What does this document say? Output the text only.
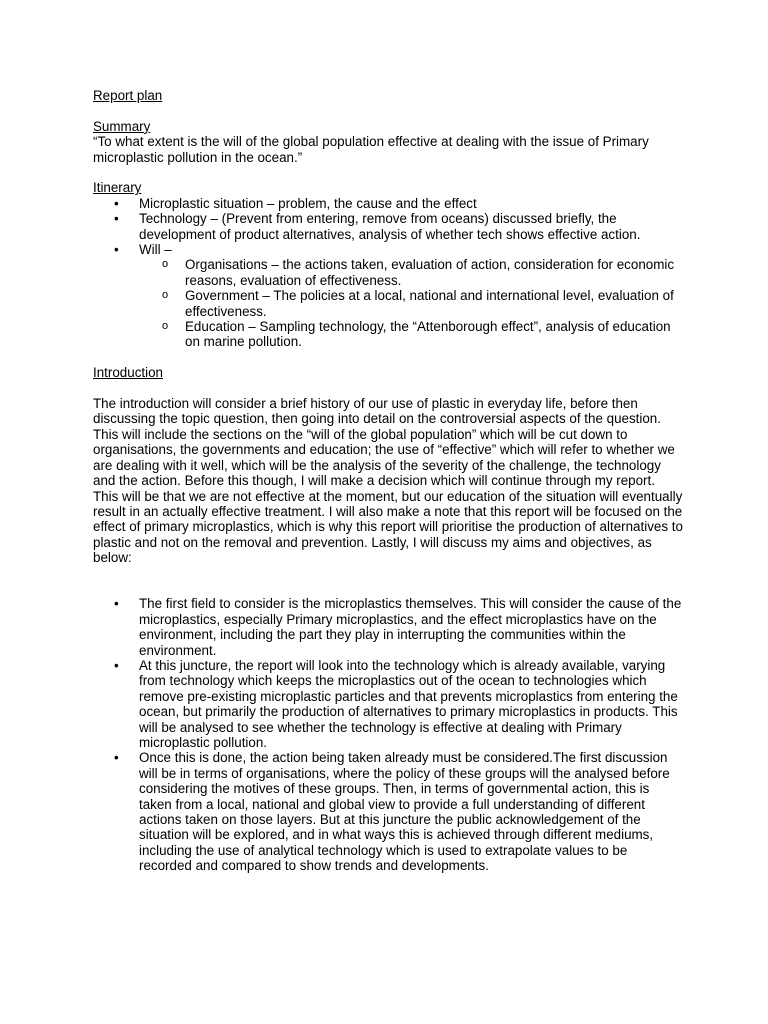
Report plan
Summary

“To what extent is the will of the global population effective at dealing with the issue of Primary microplastic pollution in the ocean.”

Itinerary
• Microplastic situation – problem, the cause and the effect
• Technology – (Prevent from entering, remove from oceans) discussed briefly, the development of product alternatives, analysis of whether tech shows effective action.
• Will –
o Organisations – the actions taken, evaluation of action, consideration for economic reasons, evaluation of effectiveness.
o Government – The policies at a local, national and international level, evaluation of effectiveness.
o Education – Sampling technology, the “Attenborough effect”, analysis of education on marine pollution.
Introduction

The introduction will consider a brief history of our use of plastic in everyday life, before then discussing the topic question, then going into detail on the controversial aspects of the question. This will include the sections on the “will of the global population” which will be cut down to organisations, the governments and education; the use of “effective” which will refer to whether we are dealing with it well, which will be the analysis of the severity of the challenge, the technology and the action. Before this though, I will make a decision which will continue through my report. This will be that we are not effective at the moment, but our education of the situation will eventually result in an actually effective treatment. I will also make a note that this report will be focused on the effect of primary microplastics, which is why this report will prioritise the production of alternatives to plastic and not on the removal and prevention. Lastly, I will discuss my aims and objectives, as below:

• The first field to consider is the microplastics themselves. This will consider the cause of the microplastics, especially Primary microplastics, and the effect microplastics have on the environment, including the part they play in interrupting the communities within the environment.
• At this juncture, the report will look into the technology which is already available, varying from technology which keeps the microplastics out of the ocean to technologies which remove pre-existing microplastic particles and that prevents microplastics from entering the ocean, but primarily the production of alternatives to primary microplastics in products. This will be analysed to see whether the technology is effective at dealing with Primary microplastic pollution.
• Once this is done, the action being taken already must be considered.The first discussion will be in terms of organisations, where the policy of these groups will the analysed before considering the motives of these groups. Then, in terms of governmental action, this is taken from a local, national and global view to provide a full understanding of different actions taken on those layers. But at this juncture the public acknowledgement of the situation will be explored, and in what ways this is achieved through different mediums, including the use of analytical technology which is used to extrapolate values to be recorded and compared to show trends and developments.
